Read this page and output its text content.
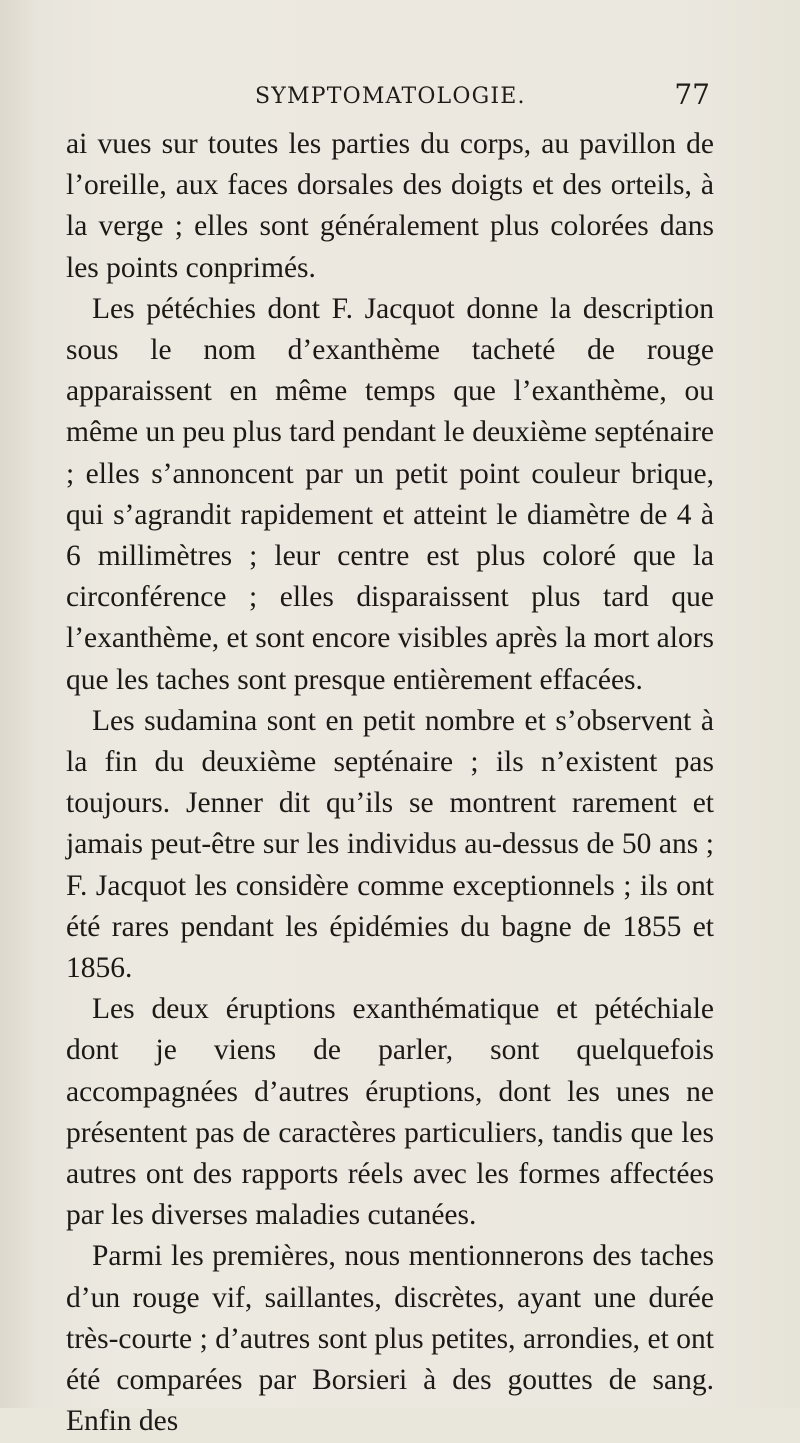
SYMPTOMATOLOGIE.	77

ai vues sur toutes les parties du corps, au pavillon de l’oreille, aux faces dorsales des doigts et des orteils, à la verge ; elles sont généralement plus colorées dans les points conprimés.

Les pétéchies dont F. Jacquot donne la description sous le nom d’exanthème tacheté de rouge apparaissent en même temps que l’exanthème, ou même un peu plus tard pendant le deuxième septénaire ; elles s’annoncent par un petit point couleur brique, qui s’agrandit rapidement et atteint le diamètre de 4 à 6 millimètres ; leur centre est plus coloré que la circonférence ; elles disparaissent plus tard que l’exanthème, et sont encore visibles après la mort alors que les taches sont presque entièrement effacées.

Les sudamina sont en petit nombre et s’observent à la fin du deuxième septénaire ; ils n’existent pas toujours. Jenner dit qu’ils se montrent rarement et jamais peut-être sur les individus au-dessus de 50 ans ; F. Jacquot les considère comme exceptionnels ; ils ont été rares pendant les épidémies du bagne de 1855 et 1856.

Les deux éruptions exanthématique et pétéchiale dont je viens de parler, sont quelquefois accompagnées d’autres éruptions, dont les unes ne présentent pas de caractères particuliers, tandis que les autres ont des rapports réels avec les formes affectées par les diverses maladies cutanées.

Parmi les premières, nous mentionnerons des taches d’un rouge vif, saillantes, discrètes, ayant une durée très-courte ; d’autres sont plus petites, arrondies, et ont été comparées par Borsieri à des gouttes de sang. Enfin des
